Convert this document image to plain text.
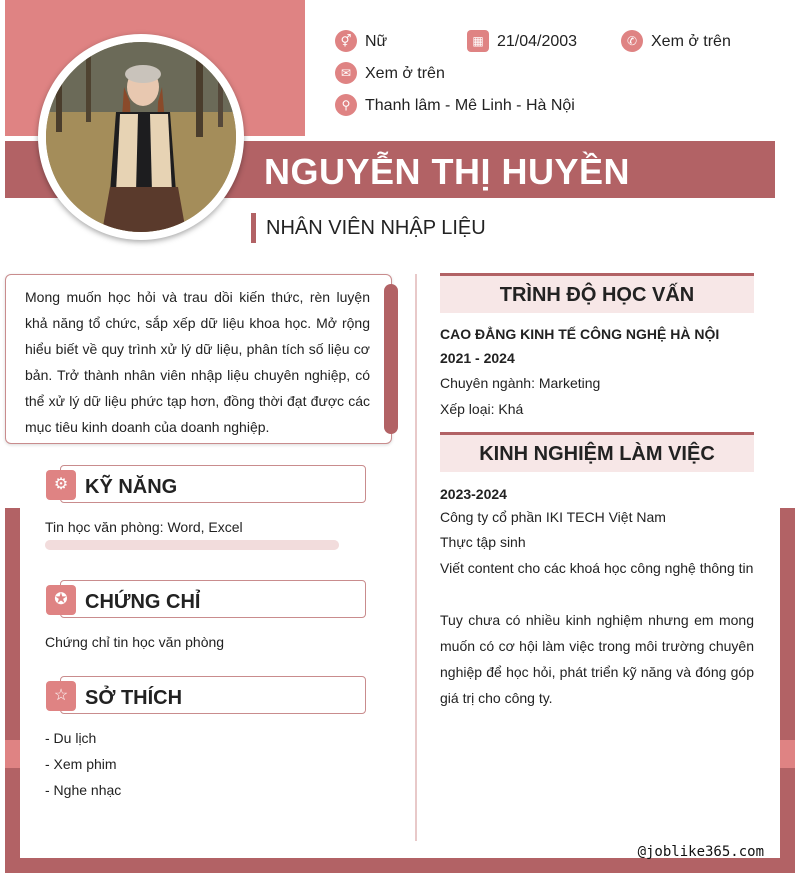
NGUYỄN THỊ HUYỀN
⚥ Nữ	▦ 21/04/2003	✆ Xem ở trên
✉ Xem ở trên
⚲ Thanh lâm - Mê Linh - Hà Nội
NHÂN VIÊN NHẬP LIỆU
Mong muốn học hỏi và trau dồi kiến thức, rèn luyện khả năng tổ chức, sắp xếp dữ liệu khoa học. Mở rộng hiểu biết về quy trình xử lý dữ liệu, phân tích số liệu cơ bản. Trở thành nhân viên nhập liệu chuyên nghiệp, có thể xử lý dữ liệu phức tạp hơn, đồng thời đạt được các mục tiêu kinh doanh của doanh nghiệp.
⚙ KỸ NĂNG
Tin học văn phòng: Word, Excel
✪ CHỨNG CHỈ
Chứng chỉ tin học văn phòng
☆ SỞ THÍCH
- Du lịch
- Xem phim
- Nghe nhạc
TRÌNH ĐỘ HỌC VẤN
CAO ĐẲNG KINH TẾ CÔNG NGHỆ HÀ NỘI
2021 - 2024
Chuyên ngành: Marketing
Xếp loại: Khá
KINH NGHIỆM LÀM VIỆC
2023-2024
Công ty cổ phần IKI TECH Việt Nam
Thực tập sinh
Viết content cho các khoá học công nghệ thông tin
Tuy chưa có nhiều kinh nghiệm nhưng em mong muốn có cơ hội làm việc trong môi trường chuyên nghiệp để học hỏi, phát triển kỹ năng và đóng góp giá trị cho công ty.
@joblike365.com
